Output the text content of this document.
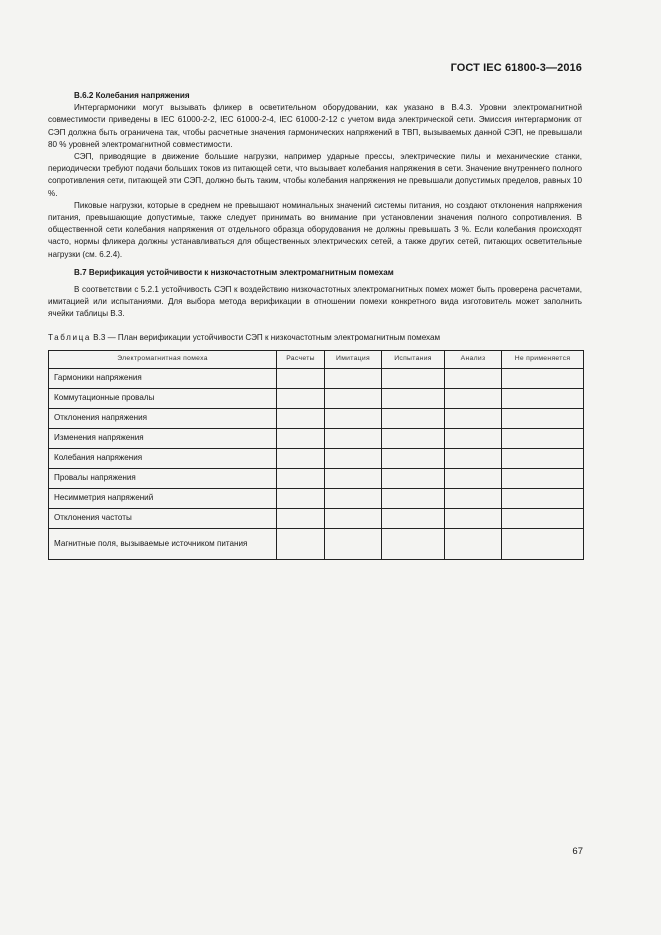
ГОСТ IEC 61800-3—2016
В.6.2 Колебания напряжения

Интергармоники могут вызывать фликер в осветительном оборудовании, как указано в В.4.3. Уровни электромагнитной совместимости приведены в IEC 61000-2-2, IEC 61000-2-4, IEC 61000-2-12 с учетом вида электрической сети. Эмиссия интергармоник от СЭП должна быть ограничена так, чтобы расчетные значения гармонических напряжений в ТВП, вызываемых данной СЭП, не превышали 80 % уровней электромагнитной совместимости.

СЭП, приводящие в движение большие нагрузки, например ударные прессы, электрические пилы и механические станки, периодически требуют подачи больших токов из питающей сети, что вызывает колебания напряжения в сети. Значение внутреннего полного сопротивления сети, питающей эти СЭП, должно быть таким, чтобы колебания напряжения не превышали допустимых пределов, равных 10 %.

Пиковые нагрузки, которые в среднем не превышают номинальных значений системы питания, но создают отклонения напряжения питания, превышающие допустимые, также следует принимать во внимание при установлении значения полного сопротивления. В общественной сети колебания напряжения от отдельного образца оборудования не должны превышать 3 %. Если колебания происходят часто, нормы фликера должны устанавливаться для общественных электрических сетей, а также других сетей, питающих осветительные нагрузки (см. 6.2.4).

В.7 Верификация устойчивости к низкочастотным электромагнитным помехам

В соответствии с 5.2.1 устойчивость СЭП к воздействию низкочастотных электромагнитных помех может быть проверена расчетами, имитацией или испытаниями. Для выбора метода верификации в отношении помехи конкретного вида изготовитель может заполнить ячейки таблицы В.3.

Таблица В.3 — План верификации устойчивости СЭП к низкочастотным электромагнитным помехам
Электромагнитная помеха	Расчеты	Имитация	Испытания	Анализ	Не применяется
Гармоники напряжения					
Коммутационные провалы					
Отклонения напряжения					
Изменения напряжения					
Колебания напряжения					
Провалы напряжения					
Несимметрия напряжений					
Отклонения частоты					
Магнитные поля, вызываемые источником питания					
67
